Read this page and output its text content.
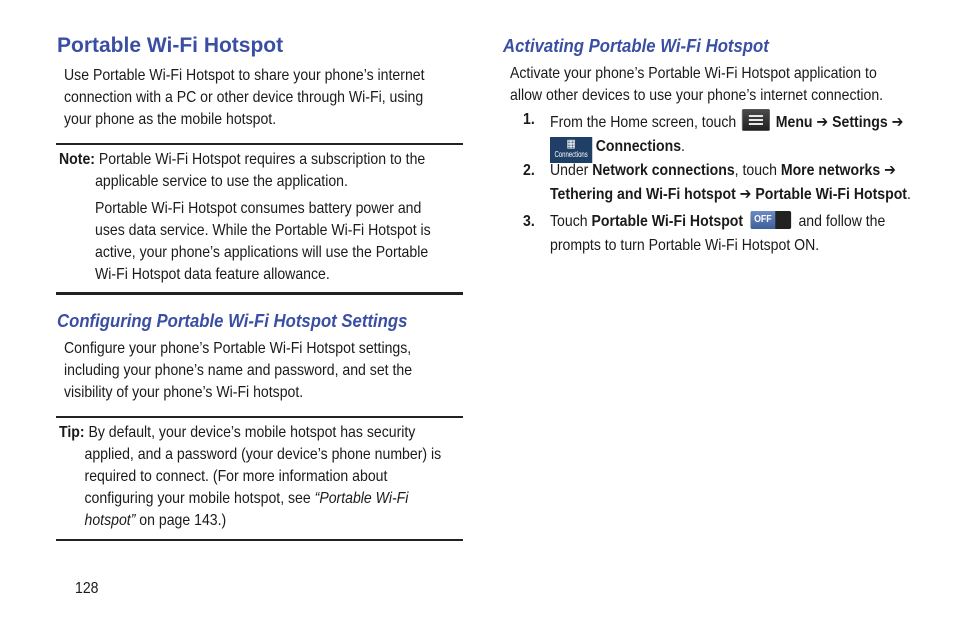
Portable Wi-Fi Hotspot
Use Portable Wi-Fi Hotspot to share your phone’s internet
connection with a PC or other device through Wi-Fi, using
your phone as the mobile hotspot.
Note: Portable Wi-Fi Hotspot requires a subscription to the
applicable service to use the application.
Portable Wi-Fi Hotspot consumes battery power and
uses data service. While the Portable Wi-Fi Hotspot is
active, your phone’s applications will use the Portable
Wi-Fi Hotspot data feature allowance.
Configuring Portable Wi-Fi Hotspot Settings
Configure your phone’s Portable Wi-Fi Hotspot settings,
including your phone’s name and password, and set the
visibility of your phone’s Wi-Fi hotspot.
Tip: By default, your device’s mobile hotspot has security
applied, and a password (your device’s phone number) is
required to connect. (For more information about
configuring your mobile hotspot, see “Portable Wi-Fi
hotspot” on page 143.)
128
Activating Portable Wi-Fi Hotspot
Activate your phone’s Portable Wi-Fi Hotspot application to
allow other devices to use your phone’s internet connection.
1. From the Home screen, touch Menu ➔ Settings ➔
▦
Connections Connections.
2. Under Network connections, touch More networks ➔
Tethering and Wi-Fi hotspot ➔ Portable Wi-Fi Hotspot.
3. Touch Portable Wi-Fi Hotspot	OFF and follow the
prompts to turn Portable Wi-Fi Hotspot ON.
